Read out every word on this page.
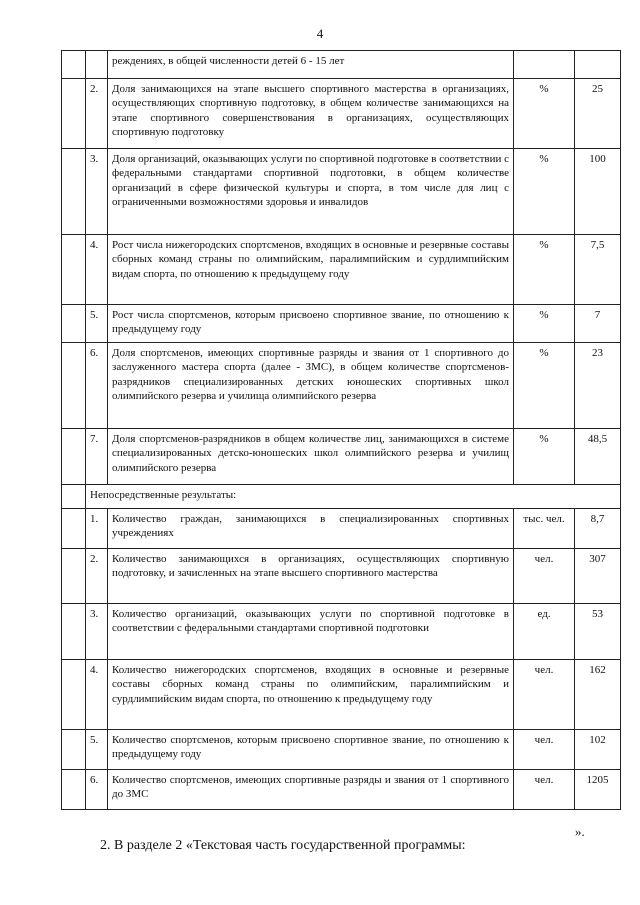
4
		реждениях, в общей численности детей 6 - 15 лет		
	2.	Доля занимающихся на этапе высшего спортивного мастерства в организациях, осуществляющих спортивную подготовку, в общем количестве занимающихся на этапе спортивного совершенствования в организациях, осуществляющих спортивную подготовку	%	25
	3.	Доля организаций, оказывающих услуги по спортивной подготовке в соответствии с федеральными стандартами спортивной подготовки, в общем количестве организаций в сфере физической культуры и спорта, в том числе для лиц с ограниченными возможностями здоровья и инвалидов	%	100
	4.	Рост числа нижегородских спортсменов, входящих в основные и резервные составы сборных команд страны по олимпийским, паралимпийским и сурдлимпийским видам спорта, по отношению к предыдущему году	%	7,5
	5.	Рост числа спортсменов, которым присвоено спортивное звание, по отношению к предыдущему году	%	7
	6.	Доля спортсменов, имеющих спортивные разряды и звания от 1 спортивного до заслуженного мастера спорта (далее - ЗМС), в общем количестве спортсменов-разрядников специализированных детских юношеских спортивных школ олимпийского резерва и училища олимпийского резерва	%	23
	7.	Доля спортсменов-разрядников в общем количестве лиц, занимающихся в системе специализированных детско-юношеских школ олимпийского резерва и училищ олимпийского резерва	%	48,5
	Непосредственные результаты:			
	1.	Количество граждан, занимающихся в специализированных спортивных учреждениях	тыс. чел.	8,7
	2.	Количество занимающихся в организациях, осуществляющих спортивную подготовку, и зачисленных на этапе высшего спортивного мастерства	чел.	307
	3.	Количество организаций, оказывающих услуги по спортивной подготовке в соответствии с федеральными стандартами спортивной подготовки	ед.	53
	4.	Количество нижегородских спортсменов, входящих в основные и резервные составы сборных команд страны по олимпийским, паралимпийским и сурдлимпийским видам спорта, по отношению к предыдущему году	чел.	162
	5.	Количество спортсменов, которым присвоено спортивное звание, по отношению к предыдущему году	чел.	102
	6.	Количество спортсменов, имеющих спортивные разряды и звания от 1 спортивного до ЗМС	чел.	1205
».
2. В разделе 2 «Текстовая часть государственной программы:
